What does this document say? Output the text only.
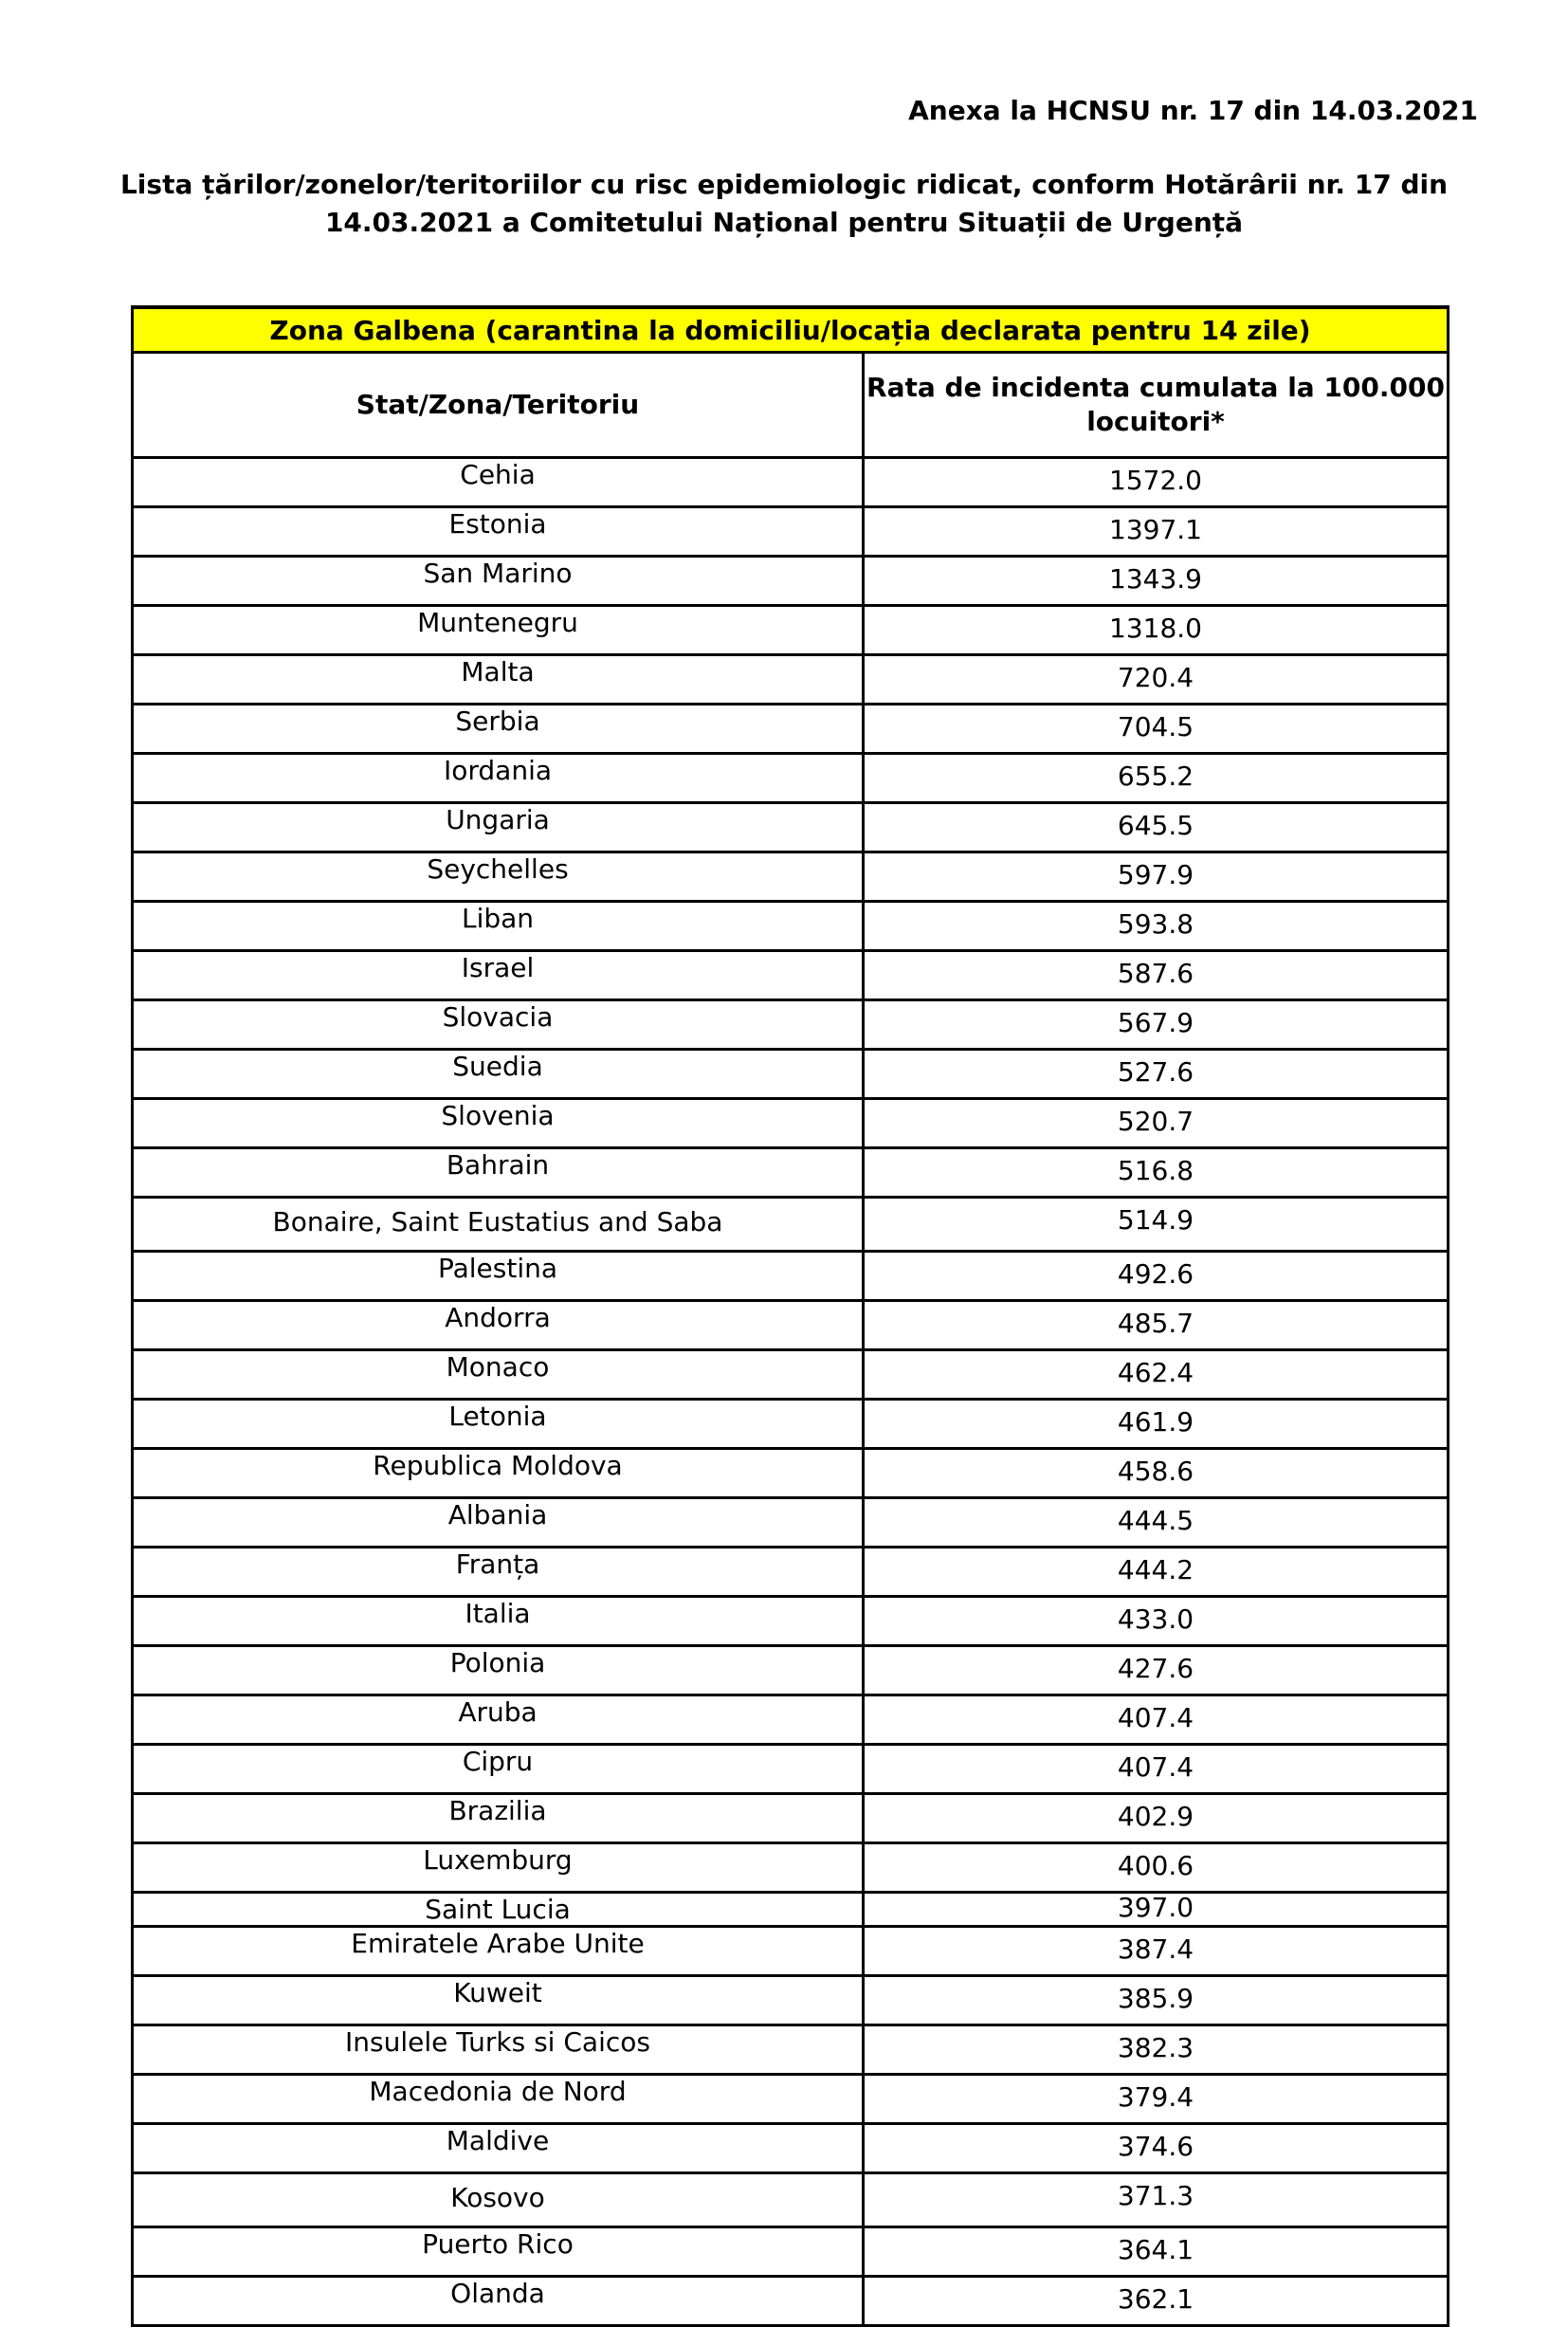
Anexa la HCNSU nr. 17 din 14.03.2021
Lista țărilor/zonelor/teritoriilor cu risc epidemiologic ridicat, conform Hotărârii nr. 17 din 14.03.2021 a Comitetului Național pentru Situații de Urgență
Zona Galbena (carantina la domiciliu/locația declarata pentru 14 zile)	
Stat/Zona/Teritoriu	Rata de incidenta cumulata la 100.000 locuitori*
Cehia	1572.0
Estonia	1397.1
San Marino	1343.9
Muntenegru	1318.0
Malta	720.4
Serbia	704.5
Iordania	655.2
Ungaria	645.5
Seychelles	597.9
Liban	593.8
Israel	587.6
Slovacia	567.9
Suedia	527.6
Slovenia	520.7
Bahrain	516.8
Bonaire, Saint Eustatius and Saba	514.9
Palestina	492.6
Andorra	485.7
Monaco	462.4
Letonia	461.9
Republica Moldova	458.6
Albania	444.5
Franța	444.2
Italia	433.0
Polonia	427.6
Aruba	407.4
Cipru	407.4
Brazilia	402.9
Luxemburg	400.6
Saint Lucia	397.0
Emiratele Arabe Unite	387.4
Kuweit	385.9
Insulele Turks si Caicos	382.3
Macedonia de Nord	379.4
Maldive	374.6
Kosovo	371.3
Puerto Rico	364.1
Olanda	362.1
